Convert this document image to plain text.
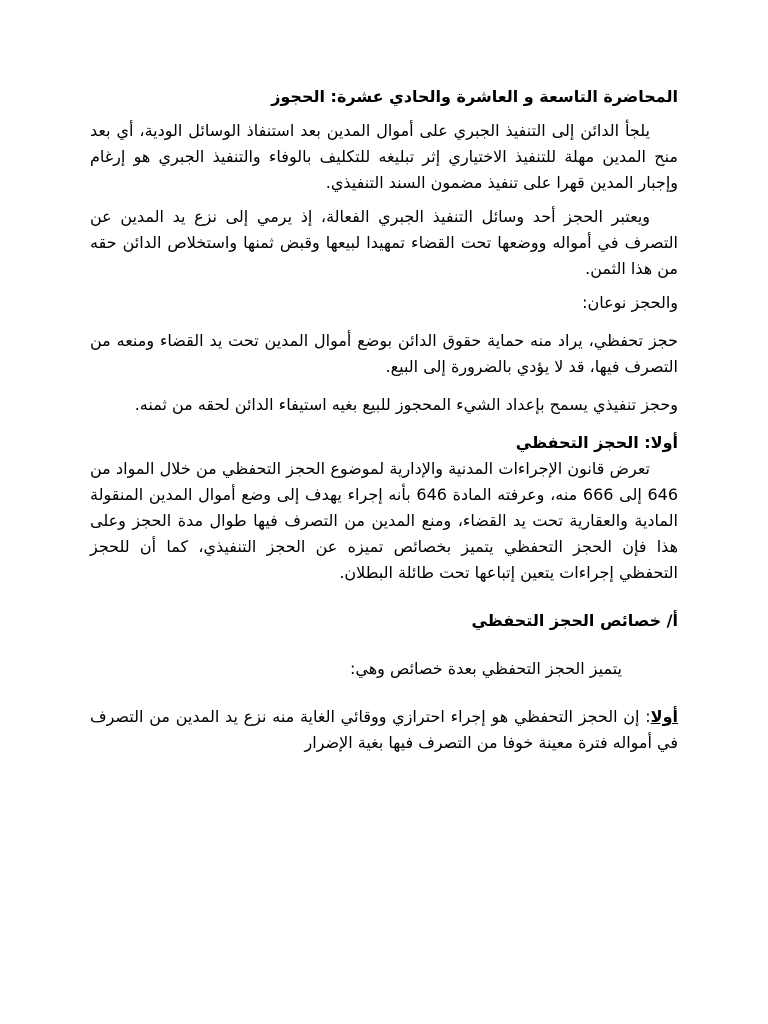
المحاضرة التاسعة و العاشرة والحادي عشرة: الحجوز

يلجأ الدائن إلى التنفيذ الجبري على أموال المدين بعد استنفاذ الوسائل الودية، أي بعد منح المدين مهلة للتنفيذ الاختياري إثر تبليغه للتكليف بالوفاء والتنفيذ الجبري هو إرغام وإجبار المدين قهرا على تنفيذ مضمون السند التنفيذي.

ويعتبر الحجز أحد وسائل التنفيذ الجبري الفعالة، إذ يرمي إلى نزع يد المدين عن التصرف في أمواله ووضعها تحت القضاء تمهيدا لبيعها وقبض ثمنها واستخلاص الدائن حقه من هذا الثمن.

والحجز نوعان:

حجز تحفظي، يراد منه حماية حقوق الدائن بوضع أموال المدين تحت يد القضاء ومنعه من التصرف فيها، قد لا يؤدي بالضرورة إلى البيع.

وحجز تنفيذي يسمح بإعداد الشيء المحجوز للبيع بغيه استيفاء الدائن لحقه من ثمنه.

أولا: الحجز التحفظي

تعرض قانون الإجراءات المدنية والإدارية لموضوع الحجز التحفظي من خلال المواد من 646 إلى 666 منه، وعرفته المادة 646 بأنه إجراء يهدف إلى وضع أموال المدين المنقولة المادية والعقارية تحت يد القضاء، ومنع المدين من التصرف فيها طوال مدة الحجز وعلى هذا فإن الحجز التحفظي يتميز بخصائص تميزه عن الحجز التنفيذي، كما أن للحجز التحفظي إجراءات يتعين إتباعها تحت طائلة البطلان.

أ/ خصائص الحجز التحفظي

يتميز الحجز التحفظي بعدة خصائص وهي:

أولا: إن الحجز التحفظي هو إجراء احترازي ووقائي الغاية منه نزع يد المدين من التصرف في أمواله فترة معينة خوفا من التصرف فيها بغية الإضرار
